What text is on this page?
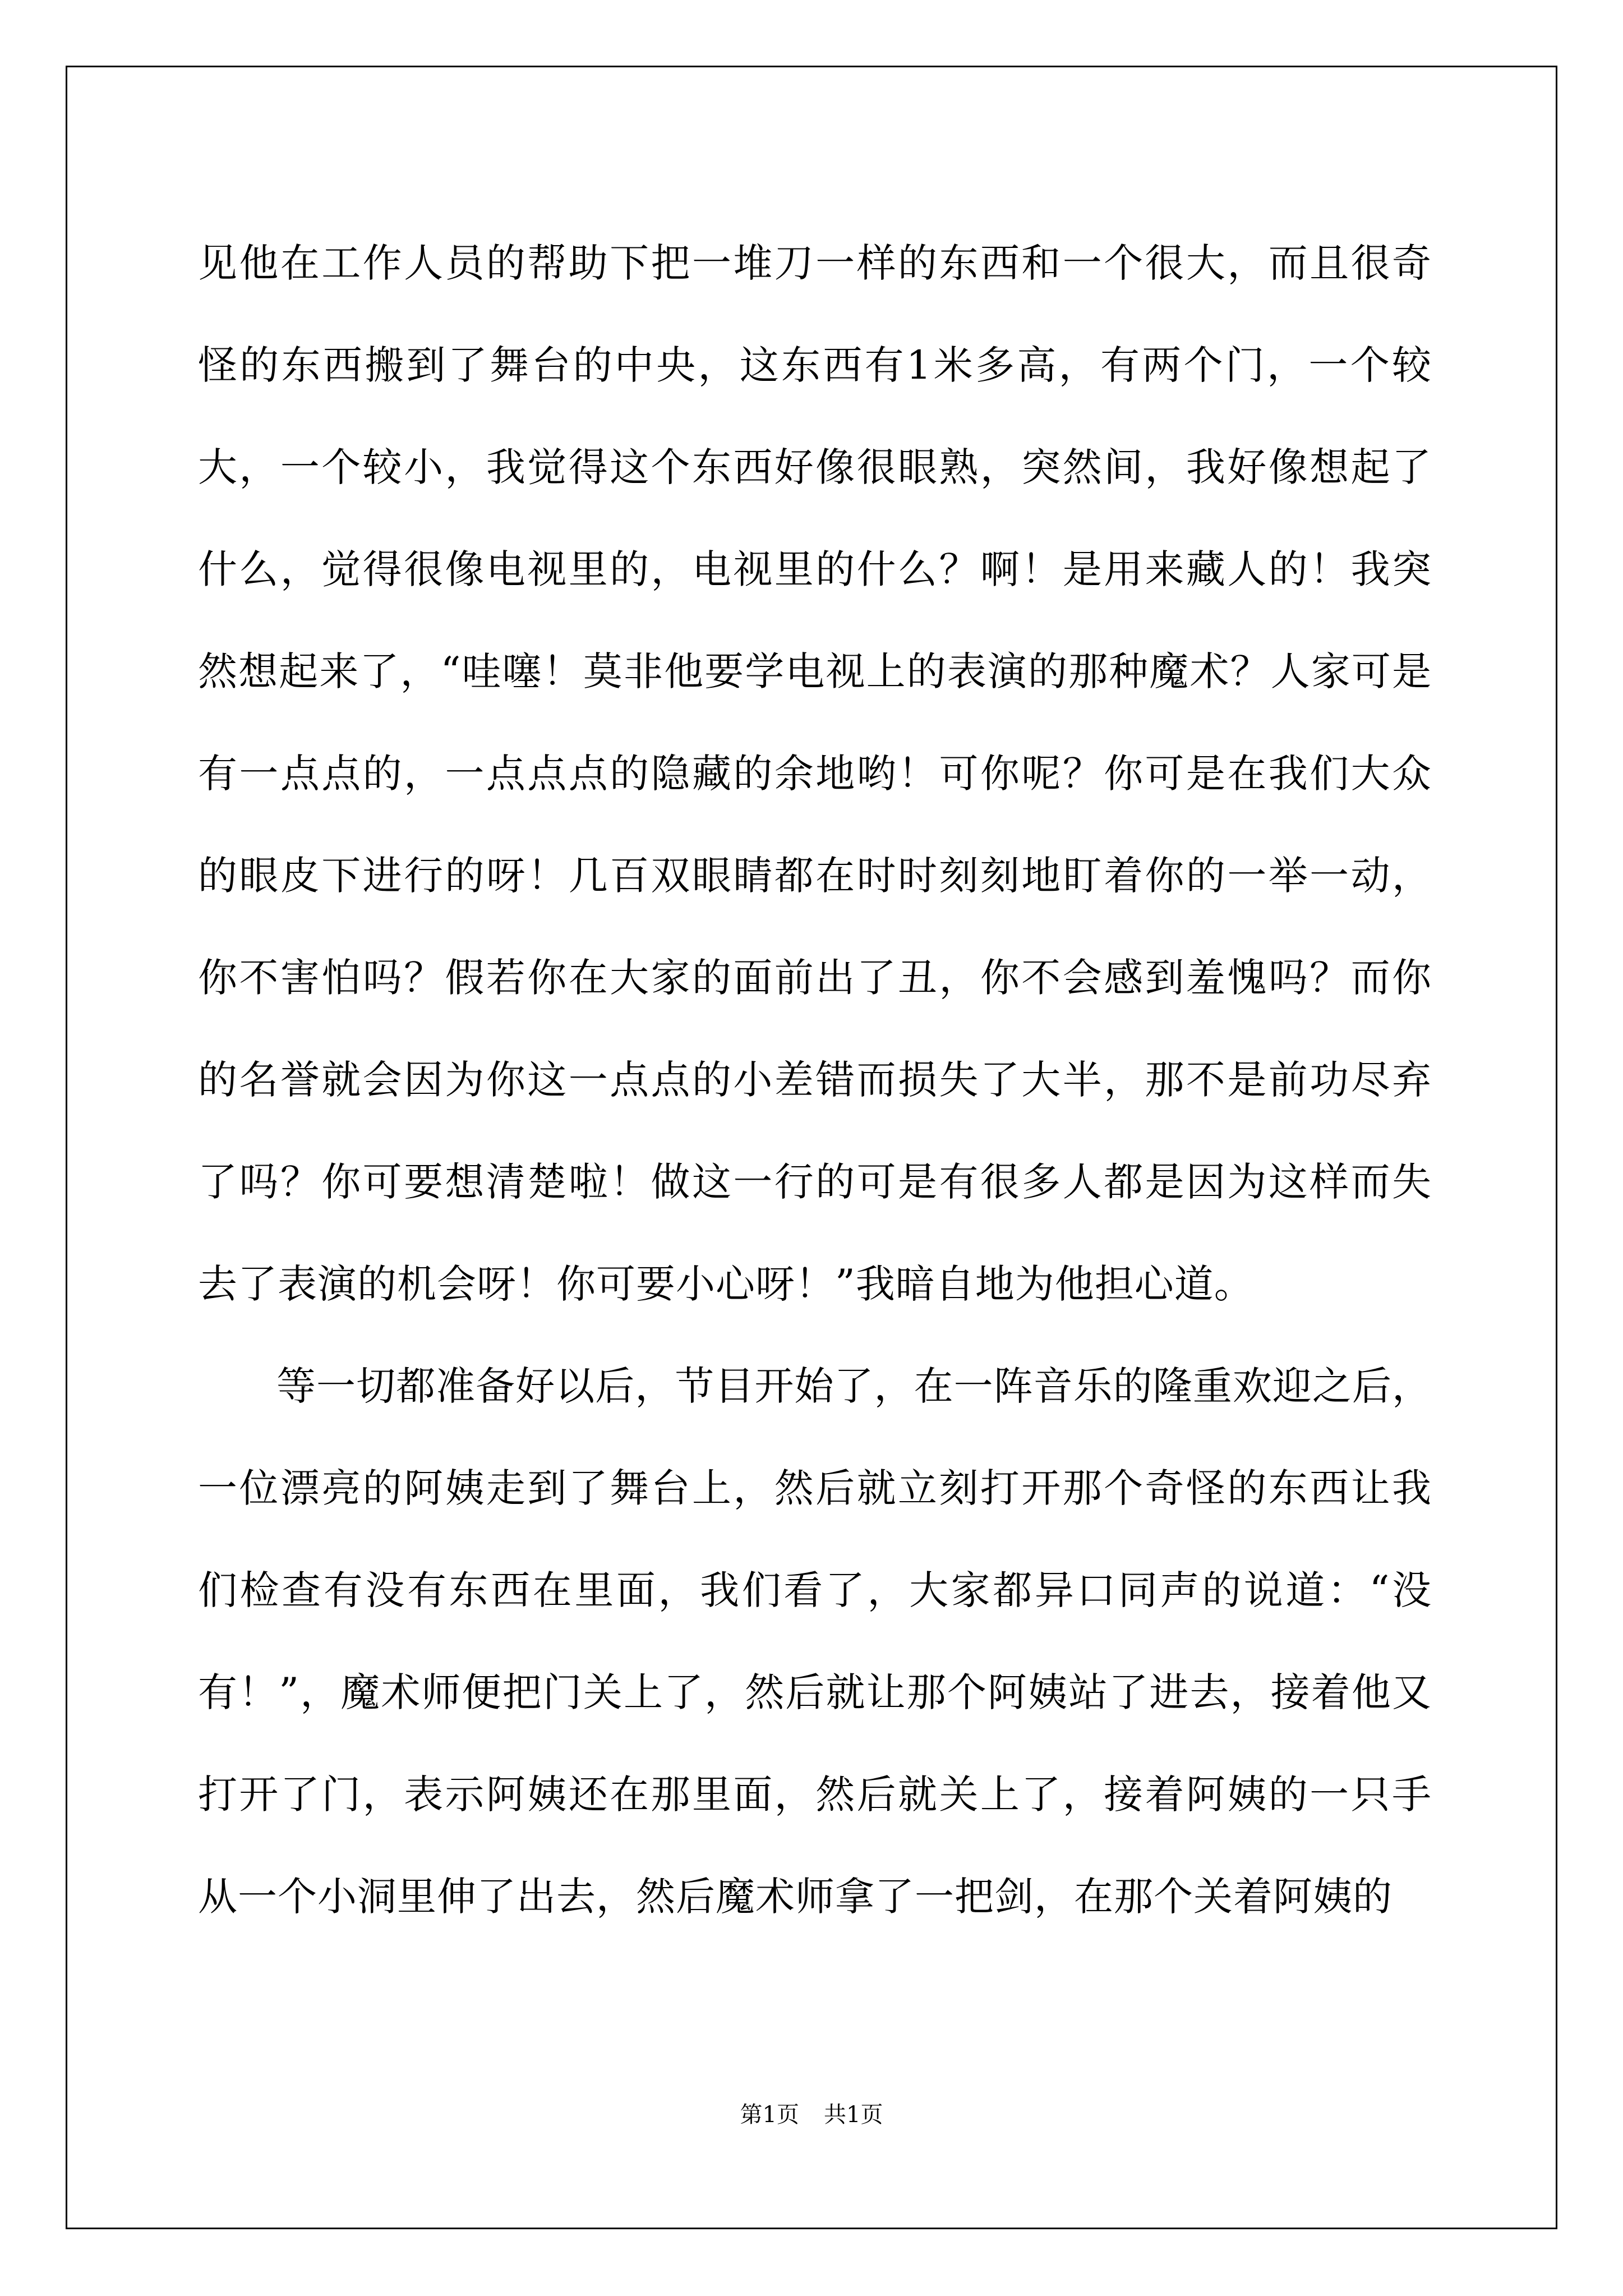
见他在工作人员的帮助下把一堆刀一样的东西和一个很大，而且很奇怪的东西搬到了舞台的中央，这东西有1米多高，有两个门，一个较大，一个较小，我觉得这个东西好像很眼熟，突然间，我好像想起了什么，觉得很像电视里的，电视里的什么？啊！是用来藏人的！我突然想起来了，“哇噻！莫非他要学电视上的表演的那种魔术？人家可是有一点点的，一点点点的隐藏的余地哟！可你呢？你可是在我们大众的眼皮下进行的呀！几百双眼睛都在时时刻刻地盯着你的一举一动，你不害怕吗？假若你在大家的面前出了丑，你不会感到羞愧吗？而你的名誉就会因为你这一点点的小差错而损失了大半，那不是前功尽弃了吗？你可要想清楚啦！做这一行的可是有很多人都是因为这样而失去了表演的机会呀！你可要小心呀！”我暗自地为他担心道。

等一切都准备好以后，节目开始了，在一阵音乐的隆重欢迎之后，一位漂亮的阿姨走到了舞台上，然后就立刻打开那个奇怪的东西让我们检查有没有东西在里面，我们看了，大家都异口同声的说道：“没有！”，魔术师便把门关上了，然后就让那个阿姨站了进去，接着他又打开了门，表示阿姨还在那里面，然后就关上了，接着阿姨的一只手从一个小洞里伸了出去，然后魔术师拿了一把剑，在那个关着阿姨的

第1页 共1页
